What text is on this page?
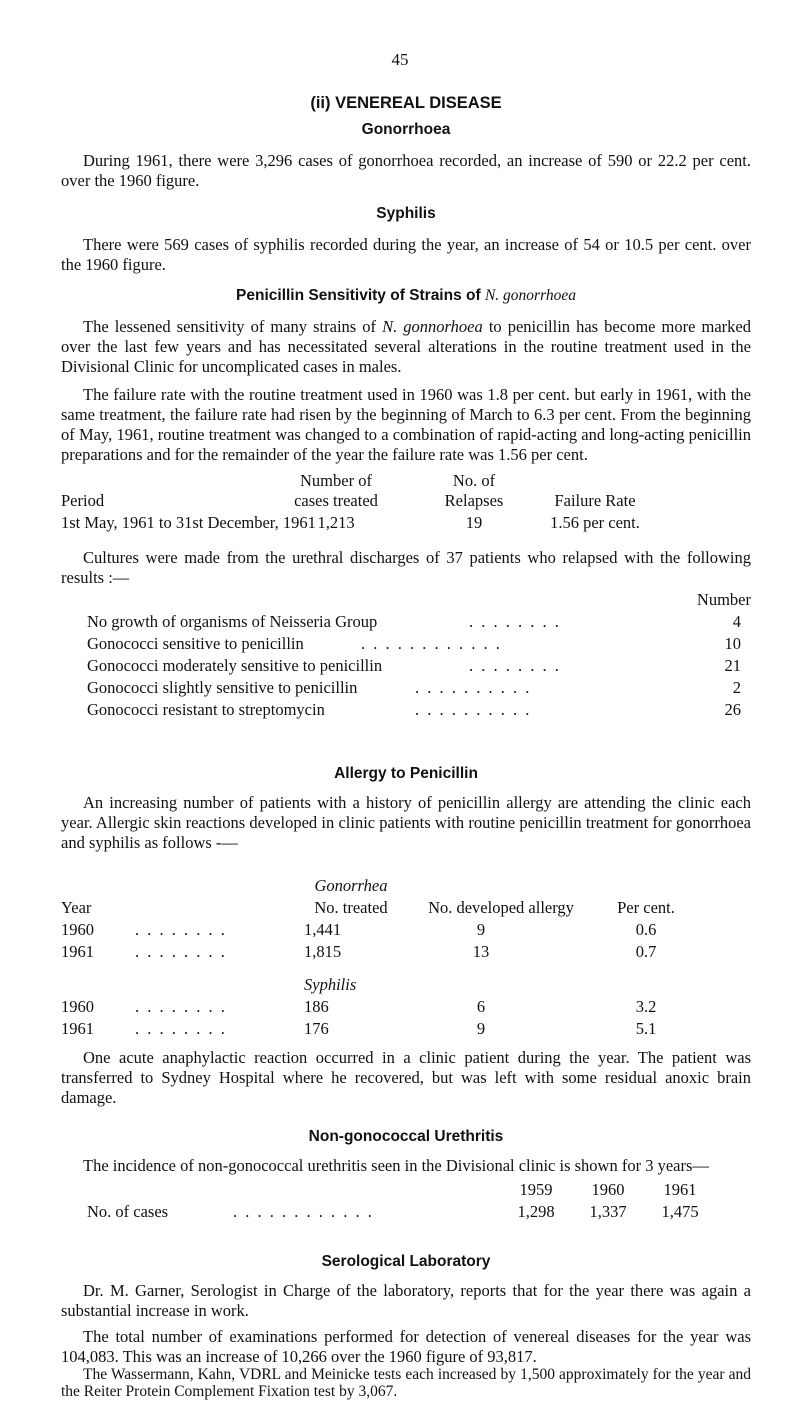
45
(ii) VENEREAL DISEASE
Gonorrhoea
During 1961, there were 3,296 cases of gonorrhoea recorded, an increase of 590 or 22.2 per cent. over the 1960 figure.
Syphilis
There were 569 cases of syphilis recorded during the year, an increase of 54 or 10.5 per cent. over the 1960 figure.
Penicillin Sensitivity of Strains of N. gonorrhoea
The lessened sensitivity of many strains of N. gonnorhoea to penicillin has become more marked over the last few years and has necessitated several alterations in the routine treatment used in the Divisional Clinic for uncomplicated cases in males.
The failure rate with the routine treatment used in 1960 was 1.8 per cent. but early in 1961, with the same treatment, the failure rate had risen by the beginning of March to 6.3 per cent. From the beginning of May, 1961, routine treatment was changed to a combination of rapid-acting and long-acting penicillin preparations and for the remainder of the year the failure rate was 1.56 per cent.
Number of	No. of
Period	cases treated	Relapses	Failure Rate
1st May, 1961 to 31st December, 1961 1,213	19	1.56 per cent.
Cultures were made from the urethral discharges of 37 patients who relapsed with the following results :—
Number
No growth of organisms of Neisseria Group	. . . . . . . .	4
Gonococci sensitive to penicillin	. . . . . . . . . . . .	10
Gonococci moderately sensitive to penicillin	. . . . . . . .	21
Gonococci slightly sensitive to penicillin	. . . . . . . . . .	2
Gonococci resistant to streptomycin	. . . . . . . . . .	26
Allergy to Penicillin
An increasing number of patients with a history of penicillin allergy are attending the clinic each year. Allergic skin reactions developed in clinic patients with routine penicillin treatment for gonorrhoea and syphilis as follows -—
Gonorrhea
Year	No. treated	No. developed allergy	Per cent.
1960 . . . . . . . .	1,441	9	0.6
1961 . . . . . . . .	1,815	13	0.7
Syphilis
1960 . . . . . . . .	186	6	3.2
1961 . . . . . . . .	176	9	5.1
One acute anaphylactic reaction occurred in a clinic patient during the year. The patient was transferred to Sydney Hospital where he recovered, but was left with some residual anoxic brain damage.
Non-gonococcal Urethritis
The incidence of non-gonococcal urethritis seen in the Divisional clinic is shown for 3 years—
1959	1960	1961
No. of cases	. . . . . . . . . . . .	1,298	1,337	1,475
Serological Laboratory
Dr. M. Garner, Serologist in Charge of the laboratory, reports that for the year there was again a substantial increase in work.
The total number of examinations performed for detection of venereal diseases for the year was 104,083. This was an increase of 10,266 over the 1960 figure of 93,817.
The Wassermann, Kahn, VDRL and Meinicke tests each increased by 1,500 approximately for the year and the Reiter Protein Complement Fixation test by 3,067.
